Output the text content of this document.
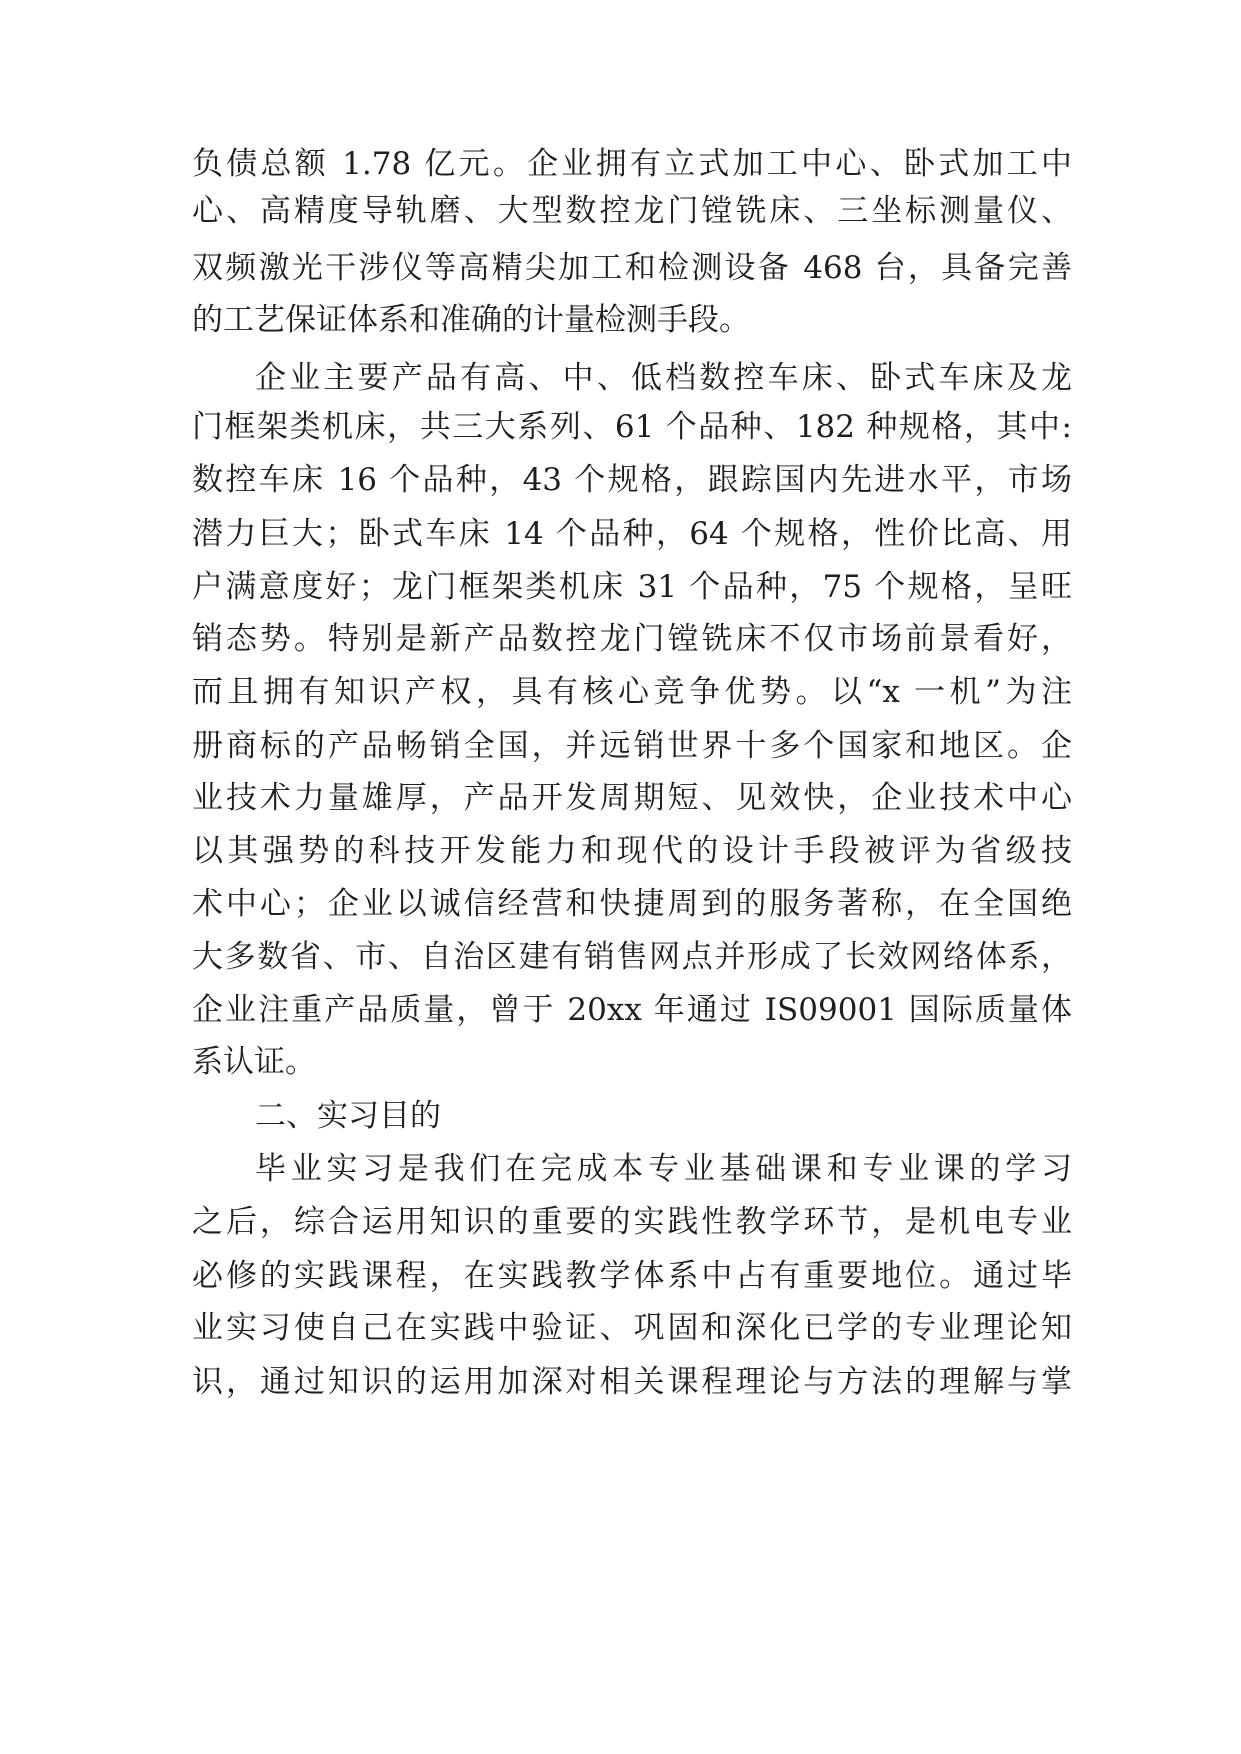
负债总额 1.78 亿元。企业拥有立式加工中心、卧式加工中
心、高精度导轨磨、大型数控龙门镗铣床、三坐标测量仪、
双频激光干涉仪等高精尖加工和检测设备 468 台，具备完善
的工艺保证体系和准确的计量检测手段。
企业主要产品有高、中、低档数控车床、卧式车床及龙
门框架类机床，共三大系列、61 个品种、182 种规格，其中:
数控车床 16 个品种，43 个规格，跟踪国内先进水平，市场
潜力巨大；卧式车床 14 个品种，64 个规格，性价比高、用
户满意度好；龙门框架类机床 31 个品种，75 个规格，呈旺
销态势。特别是新产品数控龙门镗铣床不仅市场前景看好，
而且拥有知识产权，具有核心竞争优势。以“x 一机”为注
册商标的产品畅销全国，并远销世界十多个国家和地区。企
业技术力量雄厚，产品开发周期短、见效快，企业技术中心
以其强势的科技开发能力和现代的设计手段被评为省级技
术中心；企业以诚信经营和快捷周到的服务著称，在全国绝
大多数省、市、自治区建有销售网点并形成了长效网络体系，
企业注重产品质量，曾于 20xx 年通过 IS09001 国际质量体
系认证。
二、实习目的
毕业实习是我们在完成本专业基础课和专业课的学习
之后，综合运用知识的重要的实践性教学环节，是机电专业
必修的实践课程，在实践教学体系中占有重要地位。通过毕
业实习使自己在实践中验证、巩固和深化已学的专业理论知
识，通过知识的运用加深对相关课程理论与方法的理解与掌
